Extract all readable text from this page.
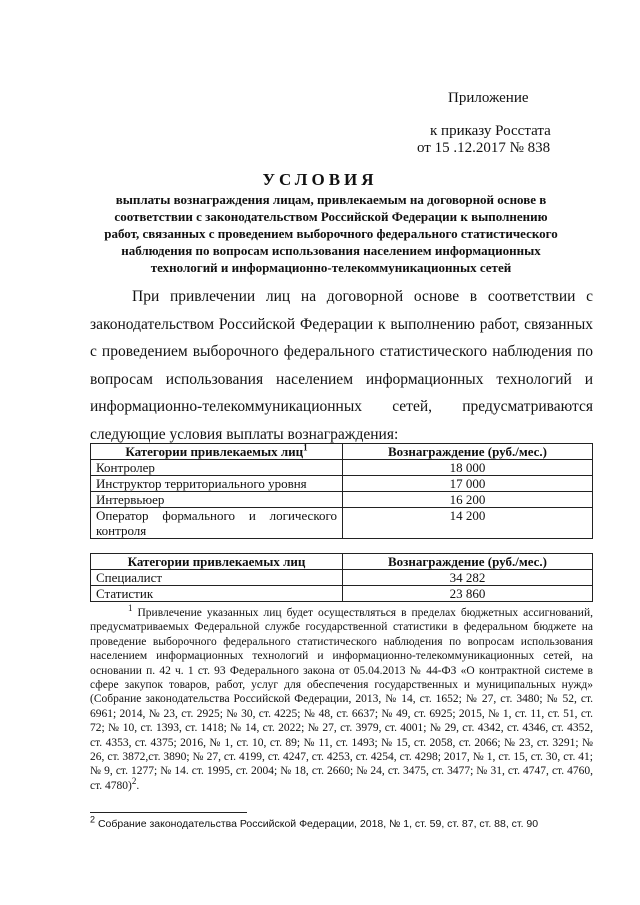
Приложение
к приказу Росстата
от 15 .12.2017 № 838
УСЛОВИЯ
выплаты вознаграждения лицам, привлекаемым на договорной основе в соответствии с законодательством Российской Федерации к выполнению работ, связанных с проведением выборочного федерального статистического наблюдения по вопросам использования населением информационных технологий и информационно-телекоммуникационных сетей
При привлечении лиц на договорной основе в соответствии с законодательством Российской Федерации к выполнению работ, связанных с проведением выборочного федерального статистического наблюдения по вопросам использования населением информационных технологий и информационно-телекоммуникационных сетей, предусматриваются следующие условия выплаты вознаграждения:
Категории привлекаемых лиц$^1$	Вознаграждение (руб./мес.)
Контролер	18 000
Инструктор территориального уровня	17 000
Интервьюер	16 200

Оператор формального и логического
контроля	14 200
Категории привлекаемых лиц	Вознаграждение (руб./мес.)
Специалист	34 282
Статистик	23 860
$^1$ Привлечение указанных лиц будет осуществляться в пределах бюджетных ассигнований, предусматриваемых Федеральной службе государственной статистики в федеральном бюджете на проведение выборочного федерального статистического наблюдения по вопросам использования населением информационных технологий и информационно-телекоммуникационных сетей, на основании п. 42 ч. 1 ст. 93 Федерального закона от 05.04.2013 № 44-ФЗ «О контрактной системе в сфере закупок товаров, работ, услуг для обеспечения государственных и муниципальных нужд» (Собрание законодательства Российской Федерации, 2013, № 14, ст. 1652; № 27, ст. 3480; № 52, ст. 6961; 2014, № 23, ст. 2925; № 30, ст. 4225; № 48, ст. 6637; № 49, ст. 6925; 2015, № 1, ст. 11, ст. 51, ст. 72; № 10, ст. 1393, ст. 1418; № 14, ст. 2022; № 27, ст. 3979, ст. 4001; № 29, ст. 4342, ст. 4346, ст. 4352, ст. 4353, ст. 4375; 2016, № 1, ст. 10, ст. 89; № 11, ст. 1493; № 15, ст. 2058, ст. 2066; № 23, ст. 3291; № 26, ст. 3872,ст. 3890; № 27, ст. 4199, ст. 4247, ст. 4253, ст. 4254, ст. 4298; 2017, № 1, ст. 15, ст. 30, ст. 41; № 9, ст. 1277; № 14. ст. 1995, ст. 2004; № 18, ст. 2660; № 24, ст. 3475, ст. 3477; № 31, ст. 4747, ст. 4760, ст. 4780)$^2$.
$^2$ Собрание законодательства Российской Федерации, 2018, № 1, ст. 59, ст. 87, ст. 88, ст. 90
